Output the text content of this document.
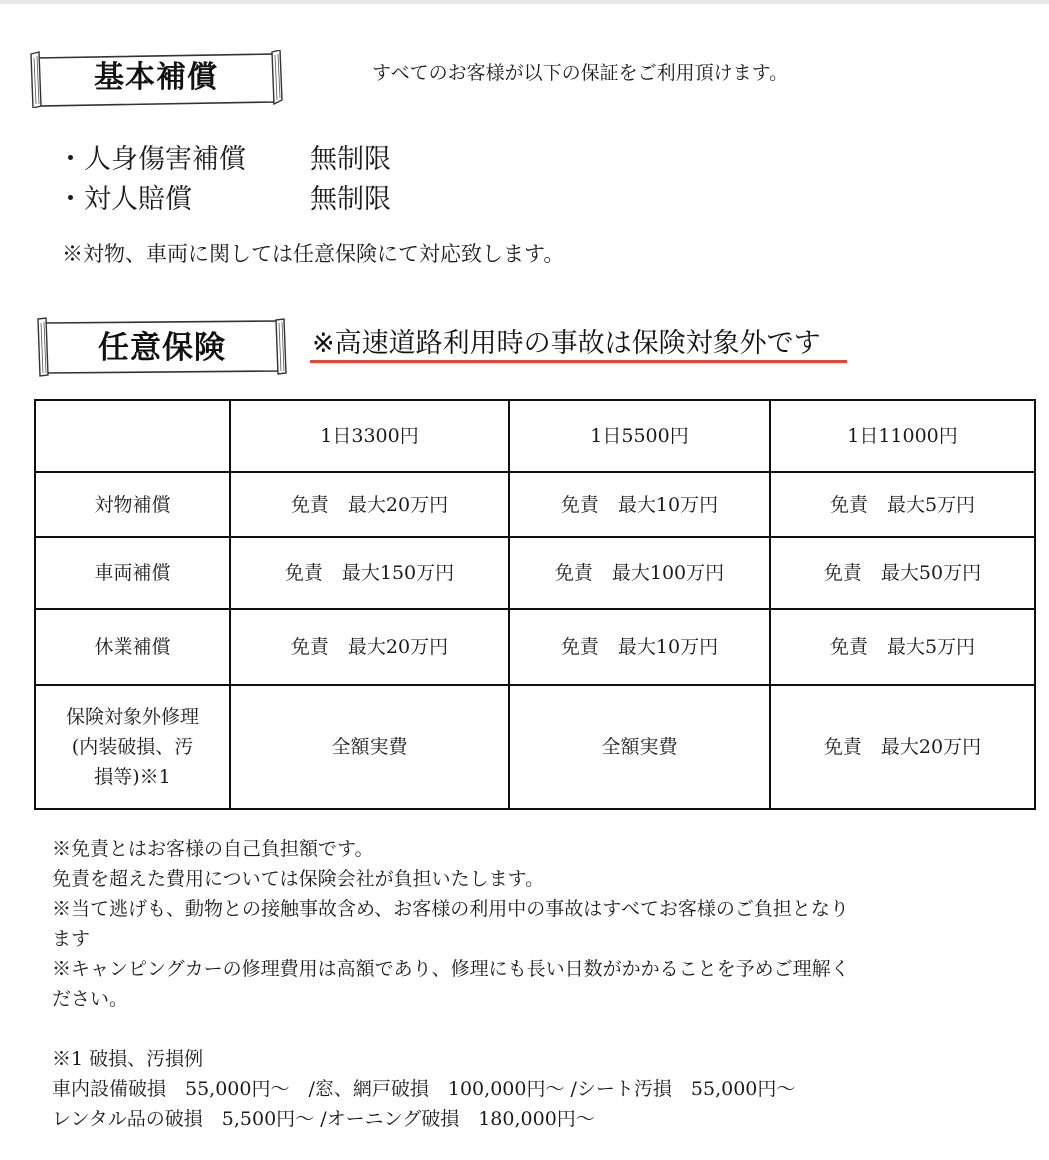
基本補償	すべてのお客様が以下の保証をご利用頂けます。
・人身傷害補償 無制限
・対人賠償	無制限
※対物、車両に関しては任意保険にて対応致します。
任意保険	※高速道路利用時の事故は保険対象外です
	1日3300円	1日5500円	1日11000円
対物補償	免責　最大20万円	免責　最大10万円	免責　最大5万円
車両補償	免責　最大150万円	免責　最大100万円	免責　最大50万円
休業補償	免責　最大20万円	免責　最大10万円	免責　最大5万円

保険対象外修理
(内装破損、汚
損等)※1	全額実費	全額実費	免責　最大20万円

※免責とはお客様の自己負担額です。

免責を超えた費用については保険会社が負担いたします。

※当て逃げも、動物との接触事故含め、お客様の利用中の事故はすべてお客様のご負担となり

ます

※キャンピングカーの修理費用は高額であり、修理にも長い日数がかかることを予めご理解く

ださい。

※1 破損、汚損例

車内設備破損　55,000円〜　/窓、網戸破損　100,000円〜 /シート汚損　55,000円〜

レンタル品の破損　5,500円〜 /オーニング破損　180,000円〜
